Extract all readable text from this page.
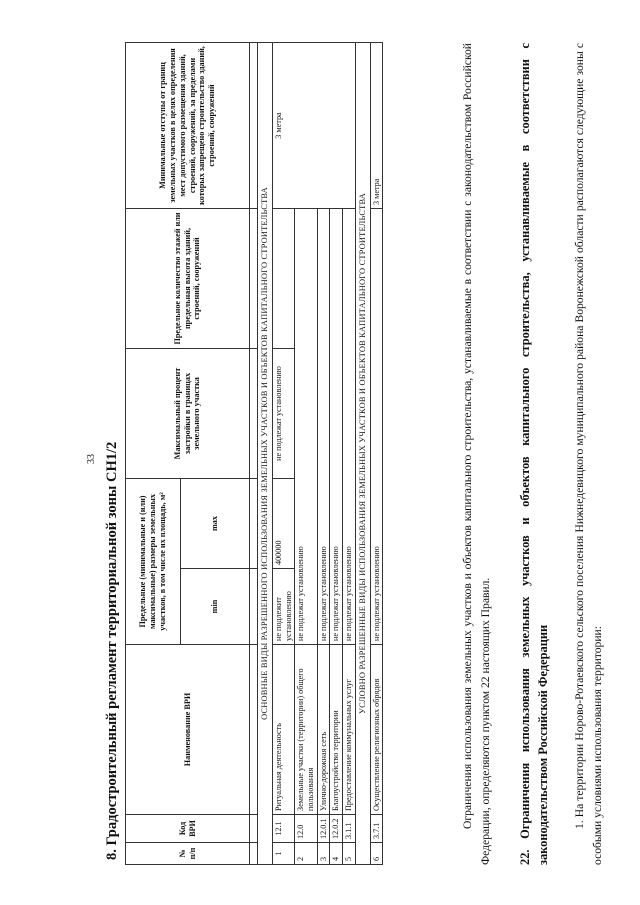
33 8. Градостроительный регламент территориальной зоны СН1/2	№ п/п	Код ВРИ	Наименование ВРИ	Предельные (минимальные и (или) максимальные) размеры земельных участков, в том числе их площадь, м²		Максимальный процент застройки в границах земельного участка	Предельное количество этажей или предельная высота зданий, строений, сооружений	Минимальные отступы от границ земельных участков в целях определения мест допустимого размещения зданий, строений, сооружений, за пределами которых запрещено строительство зданий, строений, сооружений
			min	max			

ОСНОВНЫЕ ВИДЫ РАЗРЕШЕННОГО ИСПОЛЬЗОВАНИЯ ЗЕМЕЛЬНЫХ УЧАСТКОВ И ОБЪЕКТОВ КАПИТАЛЬНОГО СТРОИТЕЛЬСТВА							
1	12.1	Ритуальная деятельность	не подлежит установлению	400000	не подлежат установлению		3 метра
2	12.0	Земельные участки (территории) общего пользования	не подлежат установлению				
3	12.0.1	Улично-дорожная сеть	не подлежат установлению				
4	12.0.2	Благоустройство территории	не подлежат установлению				
5	3.1.1	Предоставление коммунальных услуг	не подлежат установлению				
УСЛОВНО РАЗРЕШЕННЫЕ ВИДЫ ИСПОЛЬЗОВАНИЯ ЗЕМЕЛЬНЫХ УЧАСТКОВ И ОБЪЕКТОВ КАПИТАЛЬНОГО СТРОИТЕЛЬСТВА							
6	3.7.1	Осуществление религиозных обрядов	не подлежат установлению				3 метра	Ограничения использования земельных участков и объектов капитального строительства, устанавливаемые в соответствии с законодательством Российской Федерации, определяются пунктом 22 настоящих Правил. 22. Ограничения использования земельных участков и объектов капитального строительства, устанавливаемые в соответствии с законодательством Российской Федерации 1. На территории Норово-Ротаевского сельского поселения Нижнедевицкого муниципального района Воронежской области располагаются следующие зоны с особыми условиями использования территории:
